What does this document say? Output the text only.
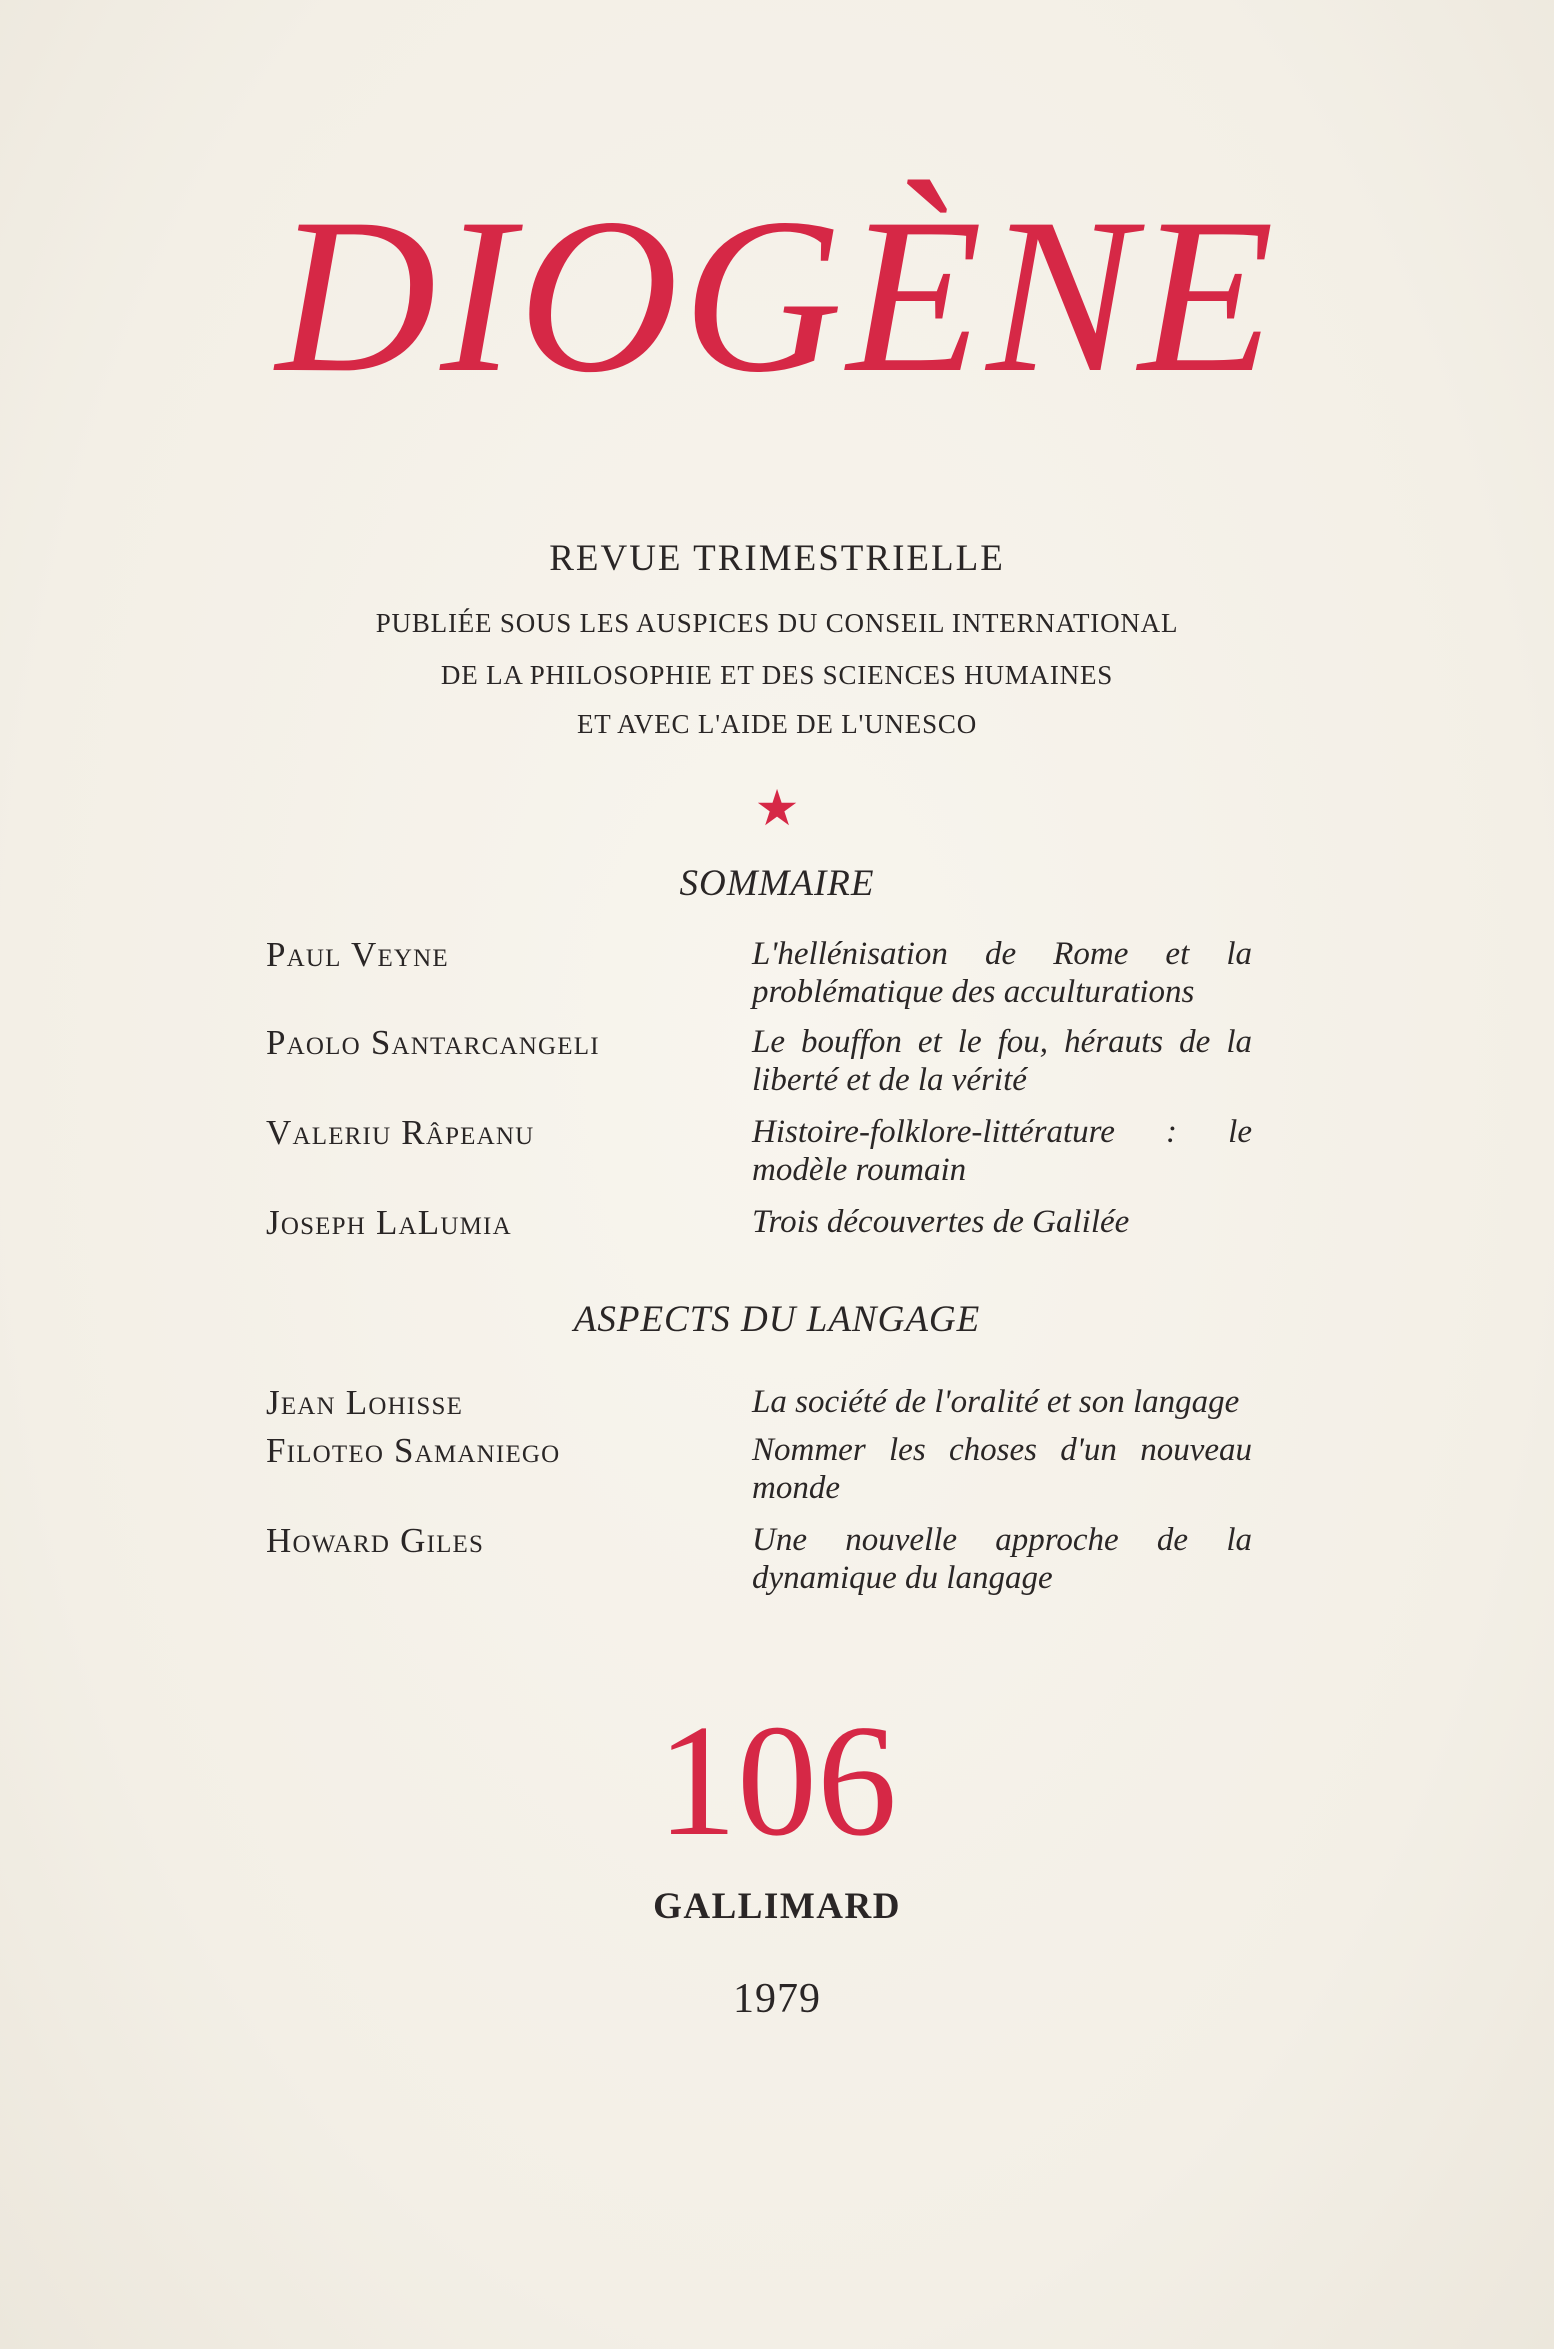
DIOGÈNE
REVUE TRIMESTRIELLE
PUBLIÉE SOUS LES AUSPICES DU CONSEIL INTERNATIONAL
DE LA PHILOSOPHIE ET DES SCIENCES HUMAINES
ET AVEC L'AIDE DE L'UNESCO
★
SOMMAIRE
Paul Veyne	L'hellénisation de Rome et la problématique des acculturations
Paolo Santarcangeli	Le bouffon et le fou, hérauts de la liberté et de la vérité
Valeriu Râpeanu	Histoire-folklore-littérature : le modèle roumain
Joseph LaLumia	Trois découvertes de Galilée
ASPECTS DU LANGAGE
Jean Lohisse	La société de l'oralité et son langage
Filoteo Samaniego	Nommer les choses d'un nouveau monde
Howard Giles	Une nouvelle approche de la dynamique du langage
106
GALLIMARD
1979
